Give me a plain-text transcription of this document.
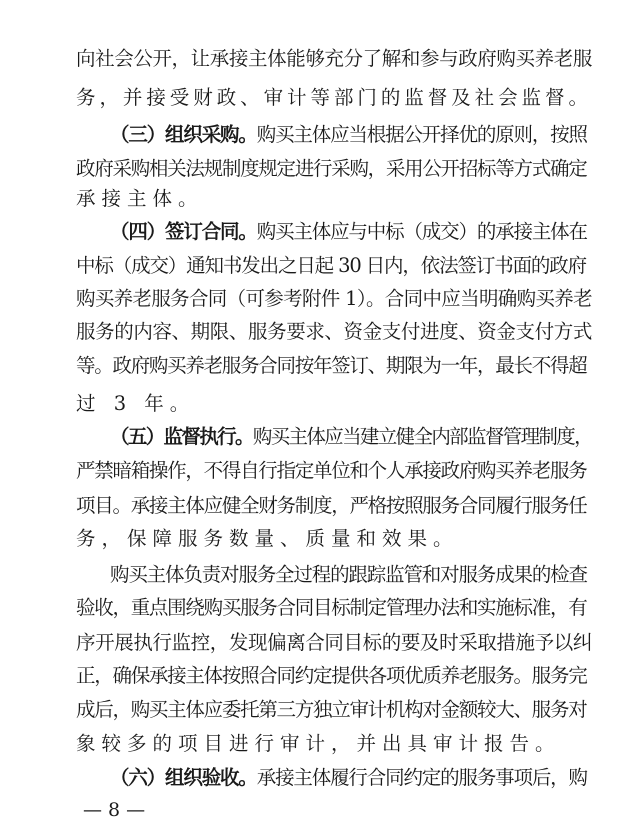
向社会公开，让承接主体能够充分了解和参与政府购买养老服
务，并接受财政、审计等部门的监督及社会监督。
（三）组织采购。购买主体应当根据公开择优的原则，按照
政府采购相关法规制度规定进行采购，采用公开招标等方式确定
承接主体。
（四）签订合同。购买主体应与中标（成交）的承接主体在
中标（成交）通知书发出之日起 30 日内，依法签订书面的政府
购买养老服务合同（可参考附件 1）。合同中应当明确购买养老
服务的内容、期限、服务要求、资金支付进度、资金支付方式
等。政府购买养老服务合同按年签订、期限为一年，最长不得超
过 3 年。
（五）监督执行。购买主体应当建立健全内部监督管理制度，
严禁暗箱操作，不得自行指定单位和个人承接政府购买养老服务
项目。承接主体应健全财务制度，严格按照服务合同履行服务任
务，保障服务数量、质量和效果。
购买主体负责对服务全过程的跟踪监管和对服务成果的检查
验收，重点围绕购买服务合同目标制定管理办法和实施标准，有
序开展执行监控，发现偏离合同目标的要及时采取措施予以纠
正，确保承接主体按照合同约定提供各项优质养老服务。服务完
成后，购买主体应委托第三方独立审计机构对金额较大、服务对
象较多的项目进行审计，并出具审计报告。
（六）组织验收。承接主体履行合同约定的服务事项后，购
— 8 —
